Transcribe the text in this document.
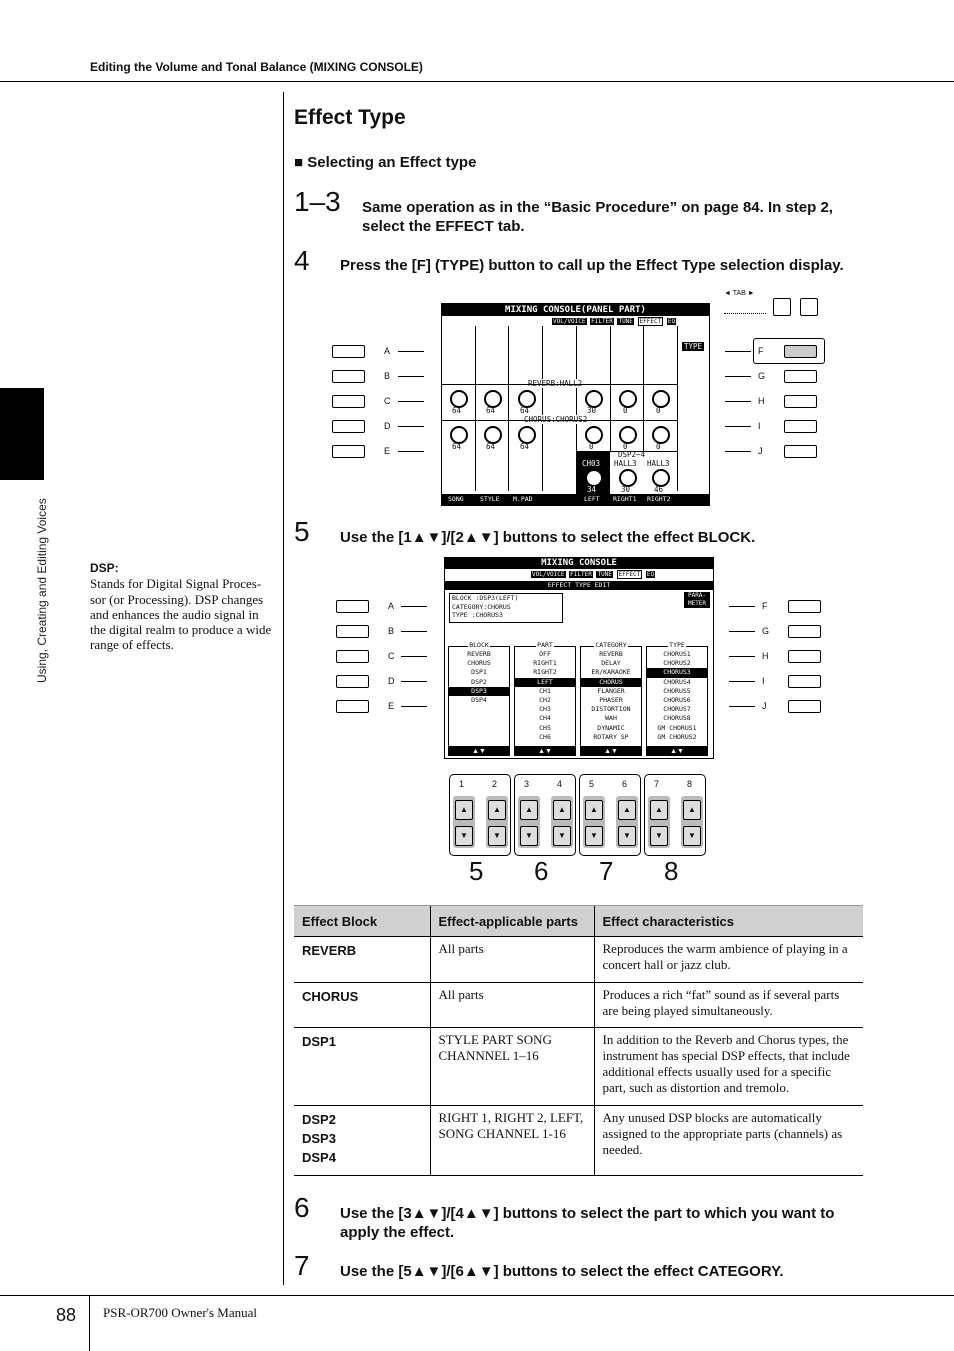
Editing the Volume and Tonal Balance (MIXING CONSOLE)
Using, Creating and Editing Voices	DSP:
Stands for Digital Signal Proces-sor (or Processing). DSP changes and enhances the audio signal in the digital realm to produce a wide range of effects.
Effect Type
■ Selecting an Effect type
1–3 Same operation as in the “Basic Procedure” on page 84. In step 2, select the EFFECT tab.
4 Press the [F] (TYPE) button to call up the Effect Type selection display.
◄ TAB ►
MIXING CONSOLE(PANEL PART)
VOL/VOICE FILTER TUNE EFFECT EQ
TYPE
64	64	64	30	0	0
64	64	64	0	0	0
DSP2~4
CH03 HALL3 HALL3
34	30	46
SONG	STYLE M.PAD	LEFT RIGHT1 RIGHT2
A
B
C
D
E
F
G
H
I
J
5 Use the [1▲▼]/[2▲▼] buttons to select the effect BLOCK.
MIXING CONSOLE
VOL/VOICE FILTER TUNE EFFECT EQ
EFFECT TYPE EDIT
BLOCK :DSP3(LEFT)
CATEGORY:CHORUS
TYPE :CHORUS3
PARA-METER
BLOCK
REVERB
CHORUS
DSP1
DSP2
DSP3
DSP4
PART
OFF
RIGHT1
RIGHT2
LEFT
CH1
CH2
CH3
CH4
CH5
CH6
CATEGORY
REVERB
DELAY
ER/KARAOKE
CHORUS
FLANGER
PHASER
DISTORTION
WAH
DYNAMIC
ROTARY SP
TYPE
CHORUS1
CHORUS2
CHORUS3
CHORUS4
CHORUS5
CHORUS6
CHORUS7
CHORUS8
GM CHORUS1
GM CHORUS2
▲▼	▲▼	▲▼	▲▼
A
B
C
D
E
F
G
H
I
J
1
▲
▼
2
▲
▼
5
3
▲
▼
4
▲
▼
6
5
▲
▼
6
▲
▼
7
7
▲
▼
8
▲
▼
8
Effect Block	Effect-applicable parts	Effect characteristics
REVERB	All parts	Reproduces the warm ambience of playing in a concert hall or jazz club.
CHORUS	All parts	Produces a rich “fat” sound as if several parts are being played simultaneously.
DSP1	STYLE PART SONG CHANNNEL 1–16	In addition to the Reverb and Chorus types, the instrument has special DSP effects, that include additional effects usually used for a specific part, such as distortion and tremolo.

DSP2 DSP3 DSP4	RIGHT 1, RIGHT 2, LEFT, SONG CHANNEL 1-16	Any unused DSP blocks are automatically assigned to the appropriate parts (channels) as needed.
6 Use the [3▲▼]/[4▲▼] buttons to select the part to which you want to apply the effect.
7 Use the [5▲▼]/[6▲▼] buttons to select the effect CATEGORY.
88 PSR-OR700 Owner's Manual
